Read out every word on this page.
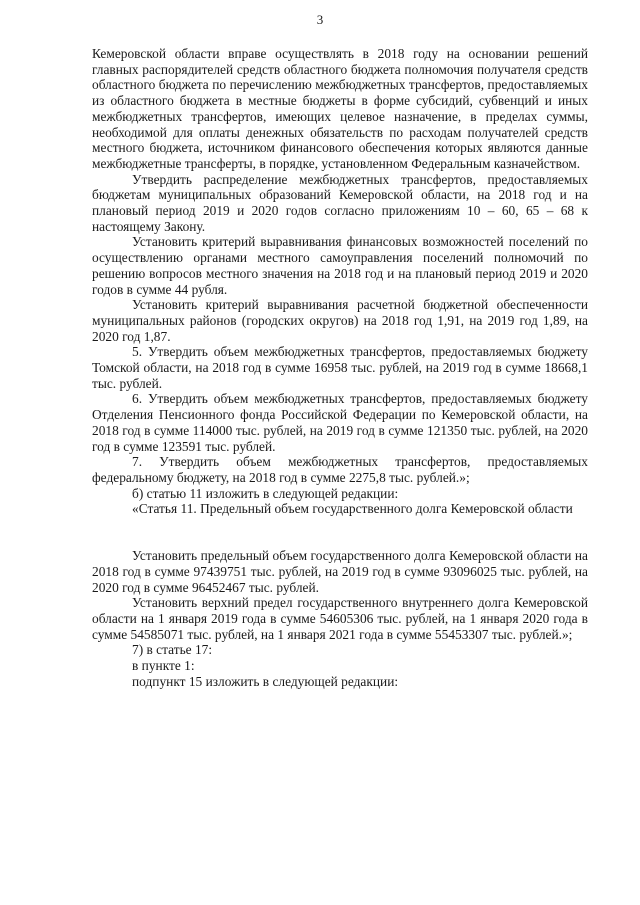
3

Кемеровской области вправе осуществлять в 2018 году на основании решений главных распорядителей средств областного бюджета полномочия получателя средств областного бюджета по перечислению межбюджетных трансфертов, предоставляемых из областного бюджета в местные бюджеты в форме субсидий, субвенций и иных межбюджетных трансфертов, имеющих целевое назначение, в пределах суммы, необходимой для оплаты денежных обязательств по расходам получателей средств местного бюджета, источником финансового обеспечения которых являются данные межбюджетные трансферты, в порядке, установленном Федеральным казначейством.

Утвердить распределение межбюджетных трансфертов, предоставляемых бюджетам муниципальных образований Кемеровской области, на 2018 год и на плановый период 2019 и 2020 годов согласно приложениям 10 – 60, 65 – 68 к настоящему Закону.

Установить критерий выравнивания финансовых возможностей поселений по осуществлению органами местного самоуправления поселений полномочий по решению вопросов местного значения на 2018 год и на плановый период 2019 и 2020 годов в сумме 44 рубля.

Установить критерий выравнивания расчетной бюджетной обеспеченности муниципальных районов (городских округов) на 2018 год 1,91, на 2019 год 1,89, на 2020 год 1,87.

5. Утвердить объем межбюджетных трансфертов, предоставляемых бюджету Томской области, на 2018 год в сумме 16958 тыс. рублей, на 2019 год в сумме 18668,1 тыс. рублей.

6. Утвердить объем межбюджетных трансфертов, предоставляемых бюджету Отделения Пенсионного фонда Российской Федерации по Кемеровской области, на 2018 год в сумме 114000 тыс. рублей, на 2019 год в сумме 121350 тыс. рублей, на 2020 год в сумме 123591 тыс. рублей.

7. Утвердить объем межбюджетных трансфертов, предоставляемых федеральному бюджету, на 2018 год в сумме 2275,8 тыс. рублей.»;

б) статью 11 изложить в следующей редакции:

«Статья 11. Предельный объем государственного долга Кемеровской области

Установить предельный объем государственного долга Кемеровской области на 2018 год в сумме 97439751 тыс. рублей, на 2019 год в сумме 93096025 тыс. рублей, на 2020 год в сумме 96452467 тыс. рублей.

Установить верхний предел государственного внутреннего долга Кемеровской области на 1 января 2019 года в сумме 54605306 тыс. рублей, на 1 января 2020 года в сумме 54585071 тыс. рублей, на 1 января 2021 года в сумме 55453307 тыс. рублей.»;

7) в статье 17:

в пункте 1:

подпункт 15 изложить в следующей редакции:
